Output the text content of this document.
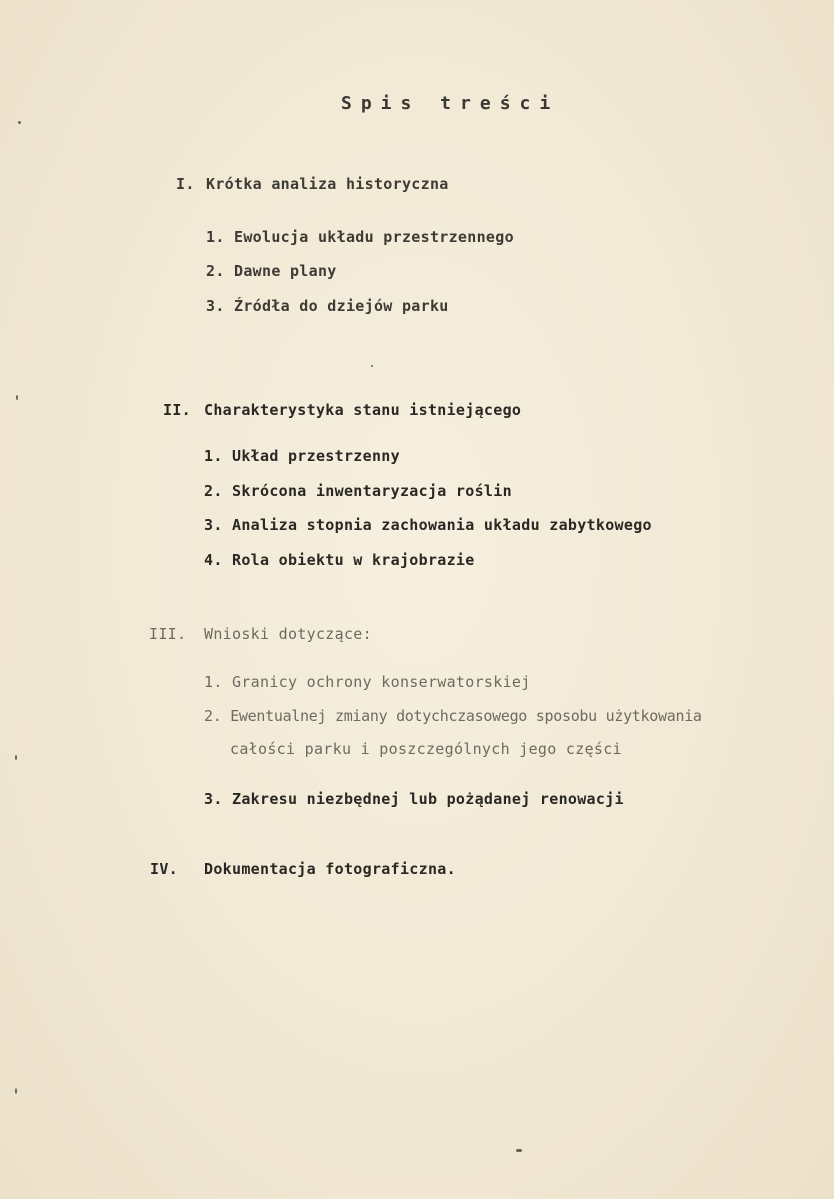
Spis treści
I. Krótka analiza historyczna
1. Ewolucja układu przestrzennego
2. Dawne plany
3. Źródła do dziejów parku
II. Charakterystyka stanu istniejącego
1. Układ przestrzenny
2. Skrócona inwentaryzacja roślin
3. Analiza stopnia zachowania układu zabytkowego
4. Rola obiektu w krajobrazie
III. Wnioski dotyczące:
1. Granicy ochrony konserwatorskiej
2. Ewentualnej zmiany dotychczasowego sposobu użytkowania
całości parku i poszczególnych jego części
3. Zakresu niezbędnej lub pożądanej renowacji
IV. Dokumentacja fotograficzna.
